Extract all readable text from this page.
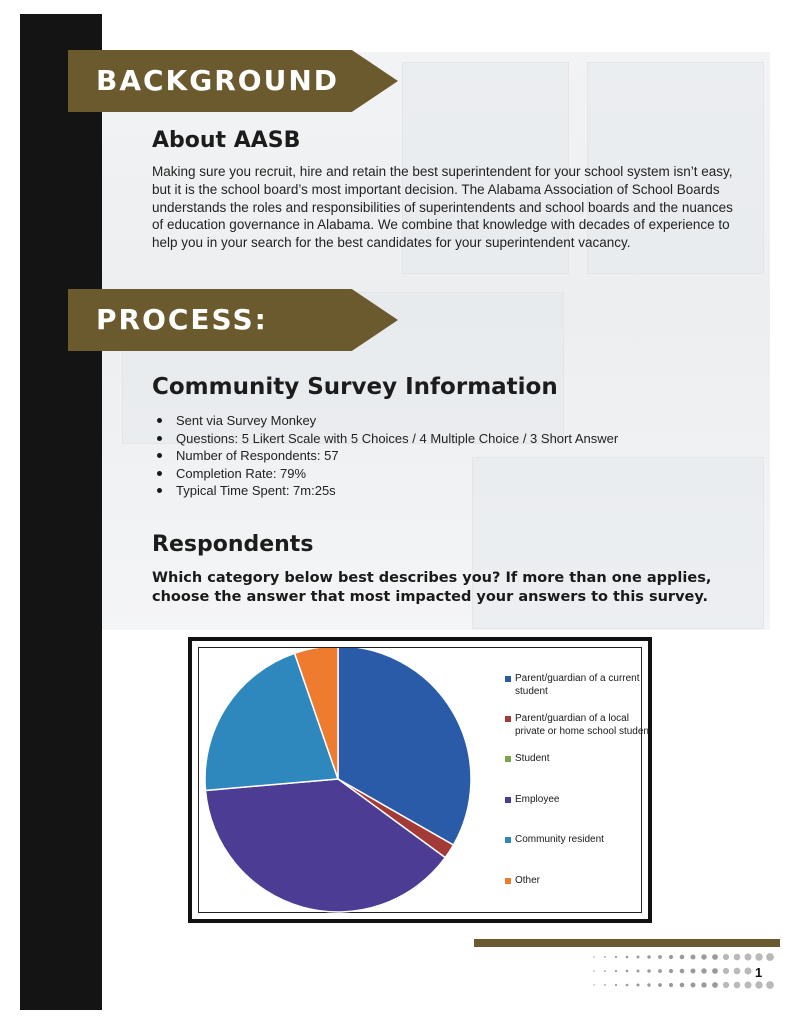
BACKGROUND
About AASB

Making sure you recruit, hire and retain the best superintendent for your school system isn’t easy, but it is the school board’s most important decision. The Alabama Association of School Boards understands the roles and responsibilities of superintendents and school boards and the nuances of education governance in Alabama. We combine that knowledge with decades of experience to help you in your search for the best candidates for your superintendent vacancy.

PROCESS:
Community Survey Information
Sent via Survey Monkey
Questions: 5 Likert Scale with 5 Choices / 4 Multiple Choice / 3 Short Answer
Number of Respondents: 57
Completion Rate: 79%
Typical Time Spent: 7m:25s
Respondents

Which category below best describes you? If more than one applies, choose the answer that most impacted your answers to this survey.

Parent/guardian of a current student
Parent/guardian of a local private or home school student
Student
Employee
Community resident
Other
1
